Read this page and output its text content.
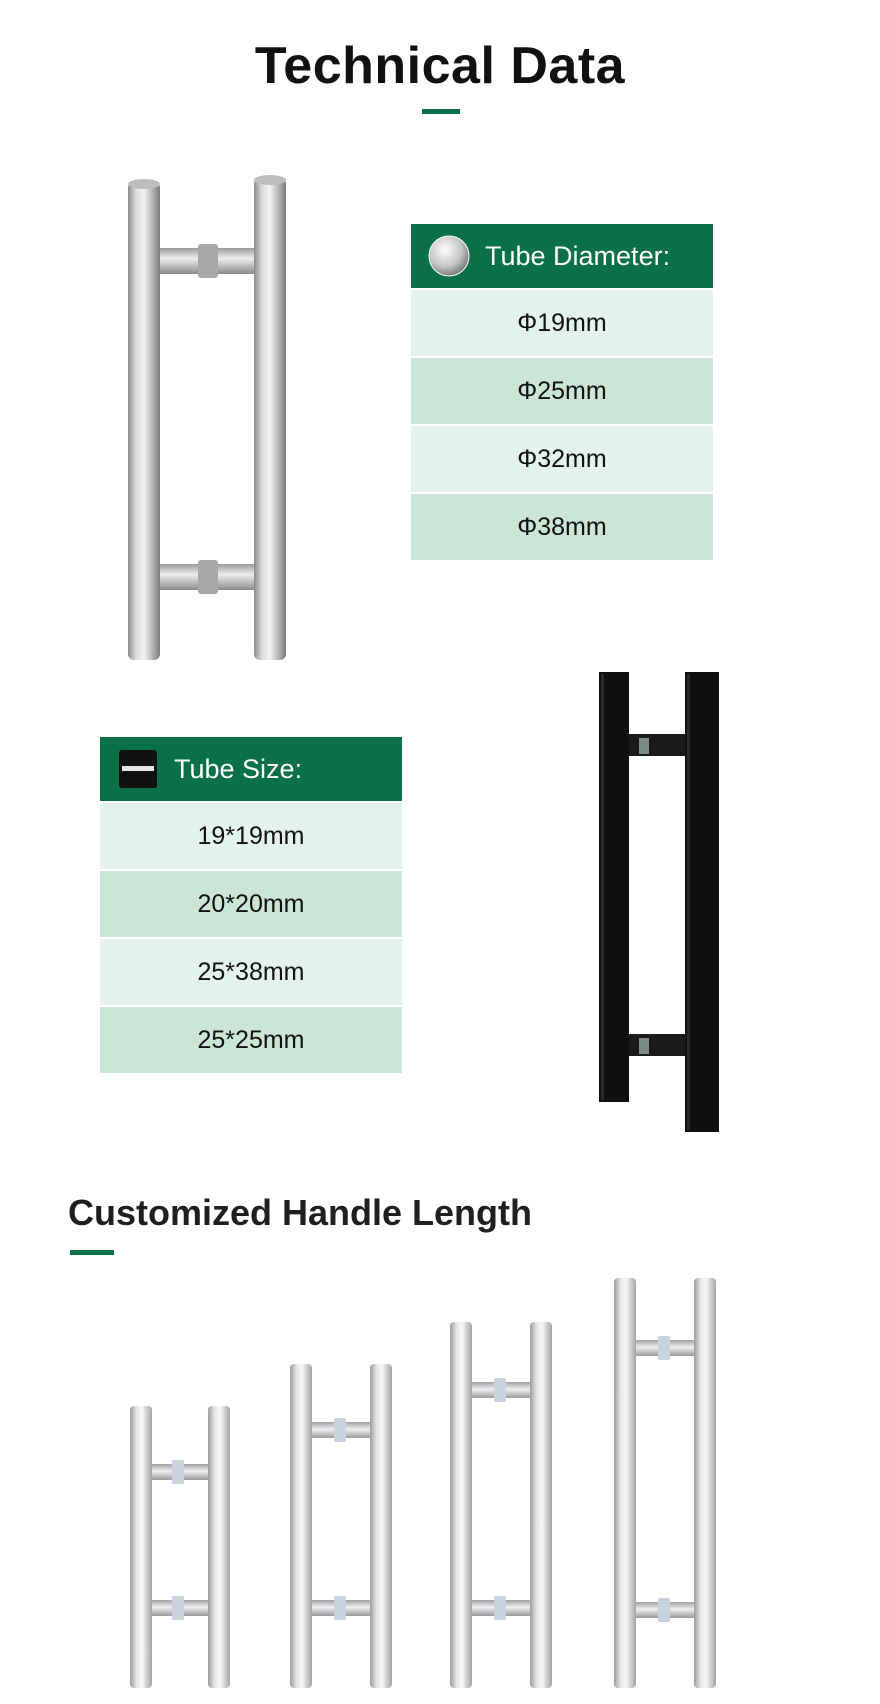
Technical Data
Tube Diameter:
Φ19mm
Φ25mm
Φ32mm
Φ38mm
Tube Size:
19*19mm
20*20mm
25*38mm
25*25mm
Customized Handle Length
